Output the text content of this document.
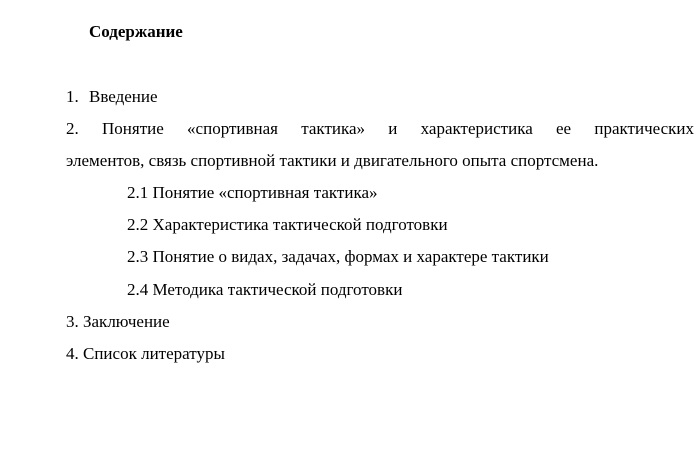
Содержание
1. Введение
2. Понятие «спортивная тактика» и характеристика ее практических
элементов, связь спортивной тактики и двигательного опыта спортсмена.
2.1 Понятие «спортивная тактика»
2.2 Характеристика тактической подготовки
2.3 Понятие о видах, задачах, формах и характере тактики
2.4 Методика тактической подготовки
3. Заключение
4. Список литературы
